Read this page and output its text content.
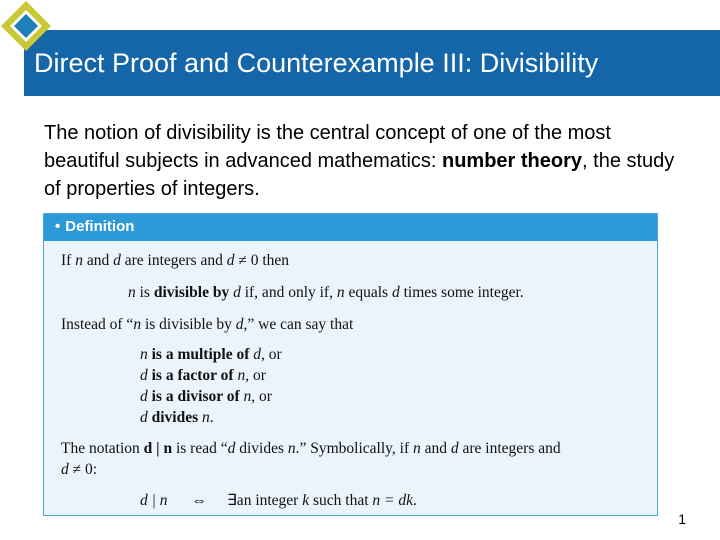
Direct Proof and Counterexample III: Divisibility

The notion of divisibility is the central concept of one of the most beautiful subjects in advanced mathematics: number theory, the study of properties of integers.

• Definition
If n and d are integers and d ≠ 0 then
n is divisible by d if, and only if, n equals d times some integer.
Instead of “n is divisible by d,” we can say that
n is a multiple of d, or
d is a factor of n, or
d is a divisor of n, or
d divides n.
The notation d | n is read “d divides n.” Symbolically, if n and d are integers and
d ≠ 0:
d | n ⇔ ∃an integer k such that n = dk.
1
